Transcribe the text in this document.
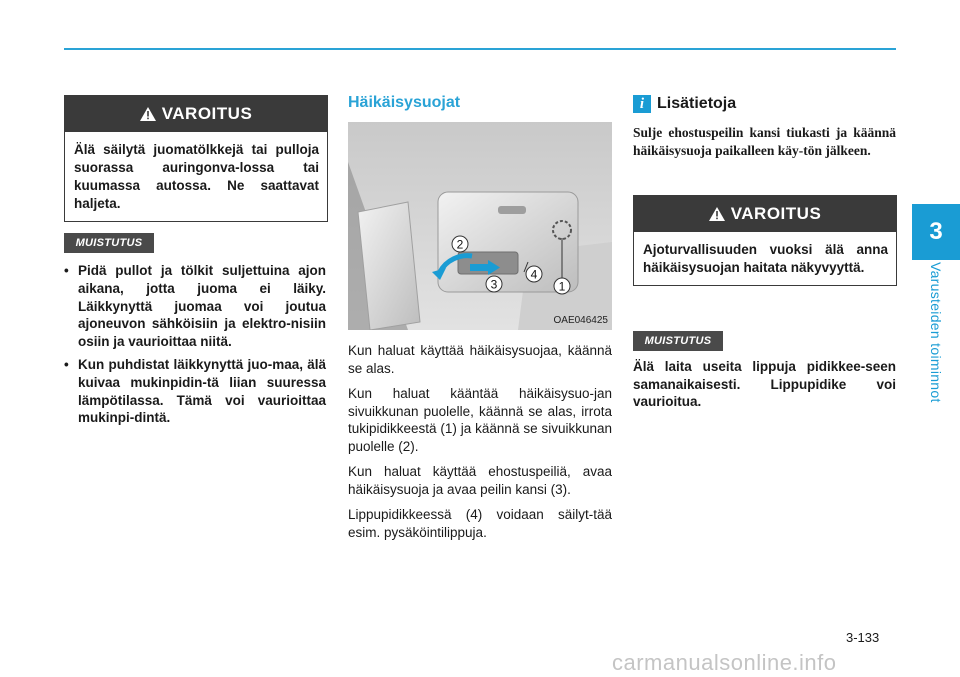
3
Varusteiden toiminnot
VAROITUS
Älä säilytä juomatölkkejä tai pulloja suorassa auringonva-lossa tai kuumassa autossa. Ne saattavat haljeta.
MUISTUTUS
• Pidä pullot ja tölkit suljettuina ajon aikana, jotta juoma ei läiky. Läikkynyttä juomaa voi joutua ajoneuvon sähköisiin ja elektro-nisiin osiin ja vaurioittaa niitä.
• Kun puhdistat läikkynyttä juo-maa, älä kuivaa mukinpidin-tä liian suuressa lämpötilassa. Tämä voi vaurioittaa mukinpi-dintä.
Häikäisysuojat
2
3
4
1
OAE046425

Kun haluat käyttää häikäisysuojaa, käännä se alas.

Kun haluat kääntää häikäisysuo-jan sivuikkunan puolelle, käännä se alas, irrota tukipidikkeestä (1) ja käännä se sivuikkunan puolelle (2).

Kun haluat käyttää ehostuspeiliä, avaa häikäisysuoja ja avaa peilin kansi (3).

Lippupidikkeessä (4) voidaan säilyt-tää esim. pysäköintilippuja.

i Lisätietoja
Sulje ehostuspeilin kansi tiukasti ja käännä häikäisysuoja paikalleen käy-tön jälkeen.
VAROITUS
Ajoturvallisuuden vuoksi älä anna häikäisysuojan haitata näkyvyyttä.
MUISTUTUS
Älä laita useita lippuja pidikkee-seen samanaikaisesti. Lippupidike voi vaurioitua.
3-133
carmanualsonline.info
